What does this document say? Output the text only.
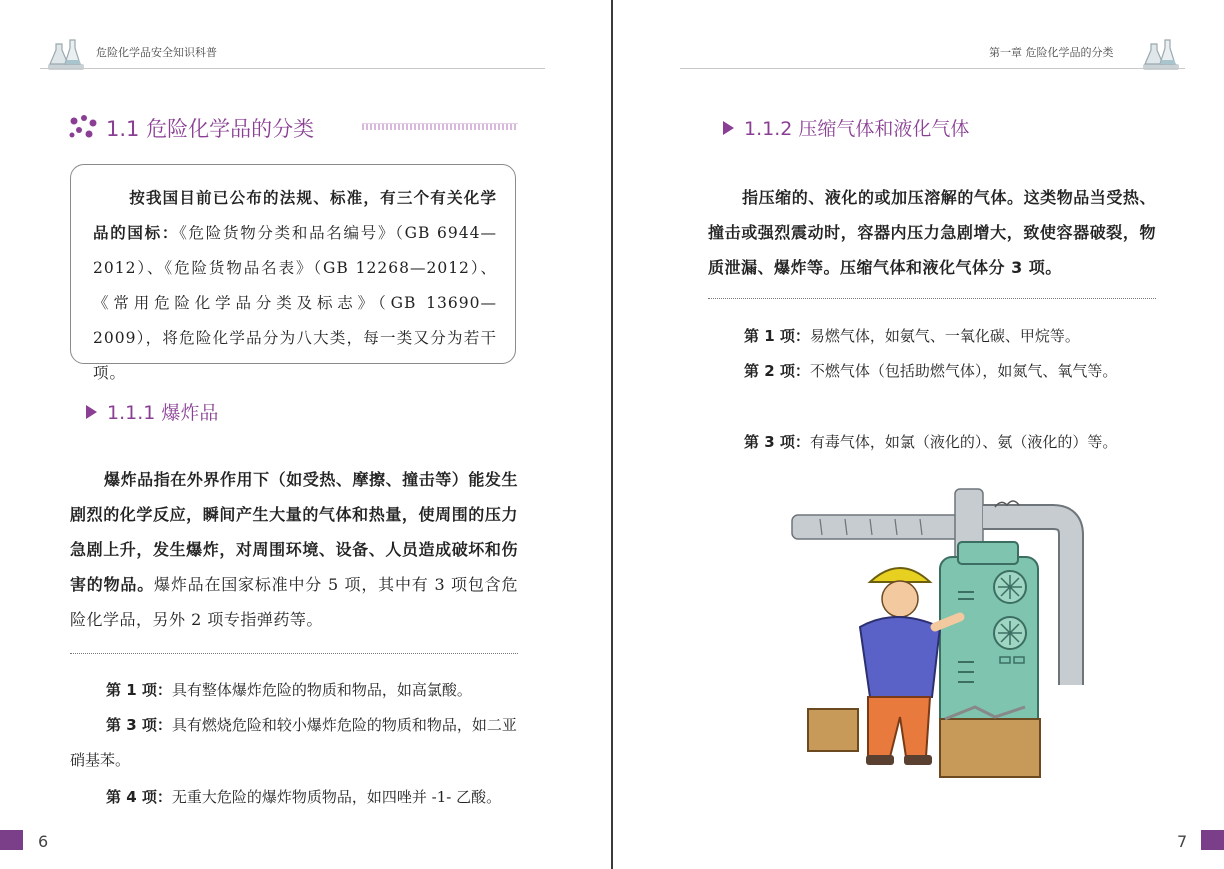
危险化学品安全知识科普
1.1 危险化学品的分类

按我国目前已公布的法规、标准，有三个有关化学品的国标：《危险货物分类和品名编号》（GB 6944—2012）、《危险货物品名表》（GB 12268—2012）、《常用危险化学品分类及标志》（GB 13690—2009），将危险化学品分为八大类，每一类又分为若干项。

1.1.1 爆炸品

爆炸品指在外界作用下（如受热、摩擦、撞击等）能发生剧烈的化学反应，瞬间产生大量的气体和热量，使周围的压力急剧上升，发生爆炸，对周围环境、设备、人员造成破坏和伤害的物品。爆炸品在国家标准中分 5 项，其中有 3 项包含危险化学品，另外 2 项专指弹药等。

第 1 项：具有整体爆炸危险的物质和物品，如高氯酸。

第 3 项：具有燃烧危险和较小爆炸危险的物质和物品，如二亚硝基苯。

第 4 项：无重大危险的爆炸物质物品，如四唑并 -1- 乙酸。

6
第一章 危险化学品的分类
1.1.2 压缩气体和液化气体

指压缩的、液化的或加压溶解的气体。这类物品当受热、撞击或强烈震动时，容器内压力急剧增大，致使容器破裂，物质泄漏、爆炸等。压缩气体和液化气体分 3 项。

第 1 项：易燃气体，如氨气、一氧化碳、甲烷等。

第 2 项：不燃气体（包括助燃气体），如氮气、氧气等。

第 3 项：有毒气体，如氯（液化的）、氨（液化的）等。

7
